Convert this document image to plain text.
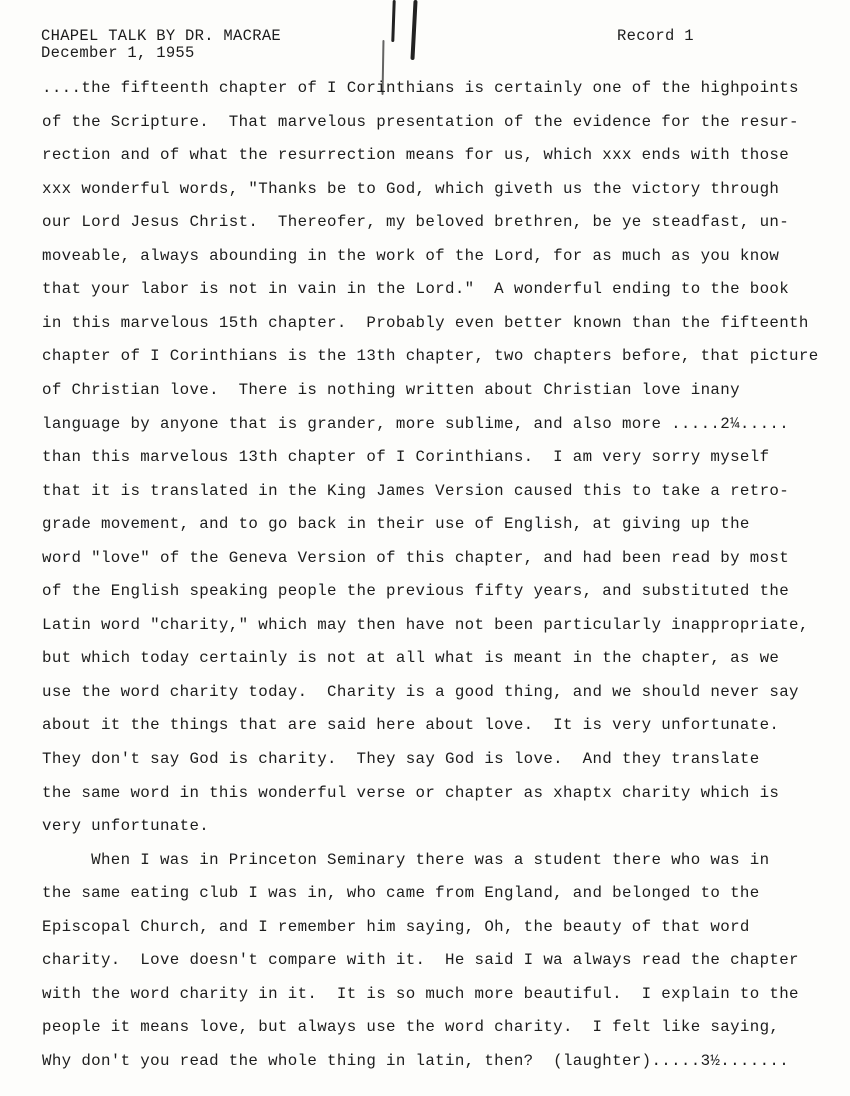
CHAPEL TALK BY DR. MACRAE
December 1, 1955
Record 1
....the fifteenth chapter of I Corinthians is certainly one of the highpoints
of the Scripture.  That marvelous presentation of the evidence for the resur-
rection and of what the resurrection means for us, which xxx ends with those
xxx wonderful words, "Thanks be to God, which giveth us the victory through
our Lord Jesus Christ.  Thereofer, my beloved brethren, be ye steadfast, un-
moveable, always abounding in the work of the Lord, for as much as you know
that your labor is not in vain in the Lord."  A wonderful ending to the book
in this marvelous 15th chapter.  Probably even better known than the fifteenth
chapter of I Corinthians is the 13th chapter, two chapters before, that picture
of Christian love.  There is nothing written about Christian love inany
language by anyone that is grander, more sublime, and also more .....2¼.....
than this marvelous 13th chapter of I Corinthians.  I am very sorry myself
that it is translated in the King James Version caused this to take a retro-
grade movement, and to go back in their use of English, at giving up the
word "love" of the Geneva Version of this chapter, and had been read by most
of the English speaking people the previous fifty years, and substituted the
Latin word "charity," which may then have not been particularly inappropriate,
but which today certainly is not at all what is meant in the chapter, as we
use the word charity today.  Charity is a good thing, and we should never say
about it the things that are said here about love.  It is very unfortunate.
They don't say God is charity.  They say God is love.  And they translate
the same word in this wonderful verse or chapter as xhaptx charity which is
very unfortunate.
When I was in Princeton Seminary there was a student there who was in
the same eating club I was in, who came from England, and belonged to the
Episcopal Church, and I remember him saying, Oh, the beauty of that word
charity.  Love doesn't compare with it.  He said I wa always read the chapter
with the word charity in it.  It is so much more beautiful.  I explain to the
people it means love, but always use the word charity.  I felt like saying,
Why don't you read the whole thing in latin, then?  (laughter).....3½.......
